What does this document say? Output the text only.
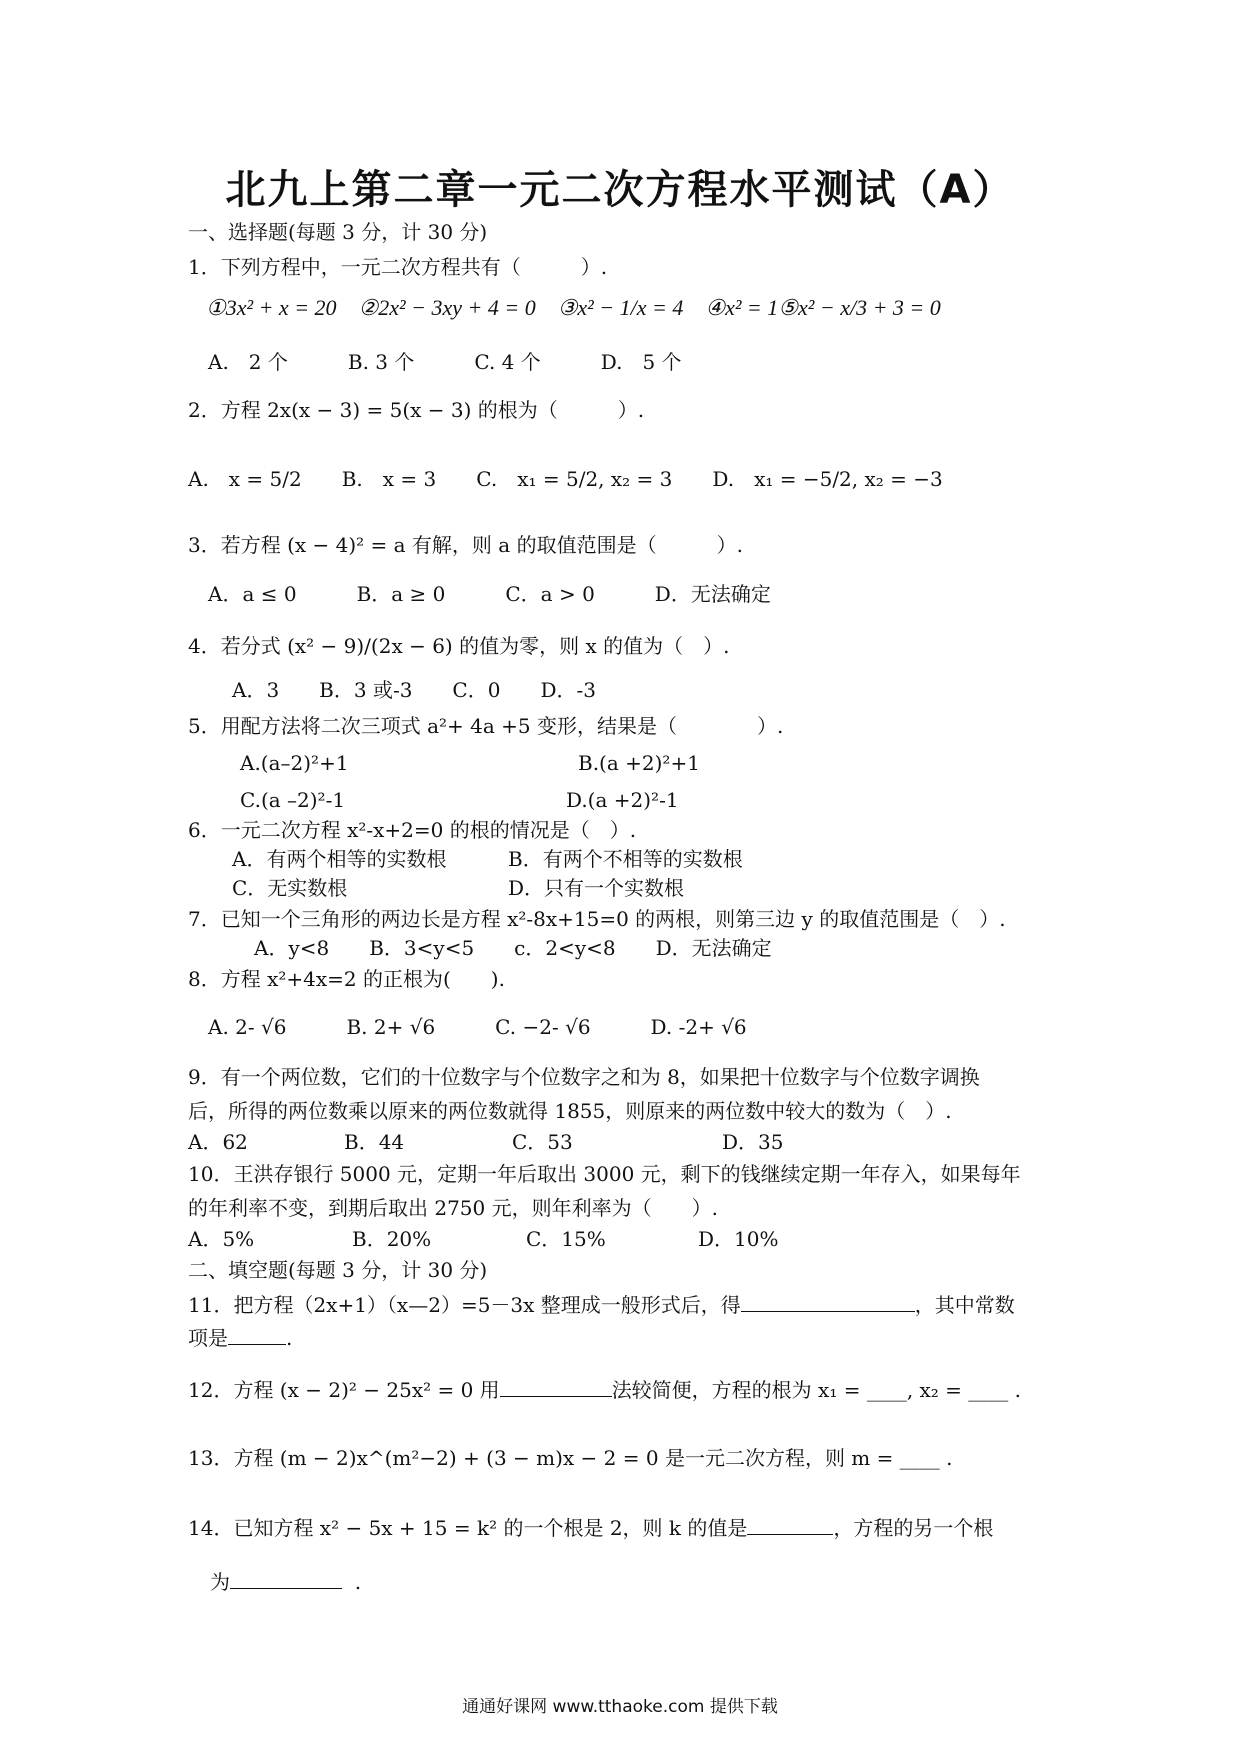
北九上第二章一元二次方程水平测试（A）
一、选择题(每题 3 分，计 30 分)
1．下列方程中，一元二次方程共有（　　　）.
①3x² + x = 20　②2x² − 3xy + 4 = 0　③x² − 1/x = 4　④x² = 1⑤x² − x/3 + 3 = 0
A.　2 个　　　B. 3 个　　　C. 4 个　　　D.　5 个
2．方程 2x(x − 3) = 5(x − 3) 的根为（　　　）.
A.　x = 5/2　　B.　x = 3　　C.　x₁ = 5/2, x₂ = 3　　D.　x₁ = −5/2, x₂ = −3
3．若方程 (x − 4)² = a 有解，则 a 的取值范围是（　　　）.
A．a ≤ 0　　　B．a ≥ 0　　　C．a > 0　　　D．无法确定
4．若分式 (x² − 9)/(2x − 6) 的值为零，则 x 的值为（　）.
A．3　　B．3 或-3　　C．0　　D．-3
5．用配方法将二次三项式 a²+ 4a +5 变形，结果是（　　　　）.
A.(a–2)²+1	B.(a +2)²+1
C.(a –2)²-1	D.(a +2)²-1
6．一元二次方程 x²-x+2=0 的根的情况是（　）.
A．有两个相等的实数根	B．有两个不相等的实数根
C．无实数根	D．只有一个实数根
7．已知一个三角形的两边长是方程 x²-8x+15=0 的两根，则第三边 y 的取值范围是（　）.
A．y<8　　B．3<y<5　　c．2<y<8　　D．无法确定
8．方程 x²+4x=2 的正根为(　　).
A. 2- √6　　　B. 2+ √6　　　C. −2- √6　　　D. -2+ √6
9．有一个两位数，它们的十位数字与个位数字之和为 8，如果把十位数字与个位数字调换
后，所得的两位数乘以原来的两位数就得 1855，则原来的两位数中较大的数为（　）.
A．62	B．44	C．53	D．35
10．王洪存银行 5000 元，定期一年后取出 3000 元，剩下的钱继续定期一年存入，如果每年
的年利率不变，到期后取出 2750 元，则年利率为（　　）.
A．5%	B．20%	C．15%	D．10%
二、填空题(每题 3 分，计 30 分)
11．把方程（2x+1）（x—2）=5－3x 整理成一般形式后，得	，其中常数
项是	.
12．方程 (x − 2)² − 25x² = 0 用	法较简便，方程的根为 x₁ = ____, x₂ = ____ .
13．方程 (m − 2)x^(m²−2) + (3 − m)x − 2 = 0 是一元二次方程，则 m = ____ .
14．已知方程 x² − 5x + 15 = k² 的一个根是 2，则 k 的值是	，方程的另一个根
为	.
通通好课网 www.tthaoke.com 提供下载
